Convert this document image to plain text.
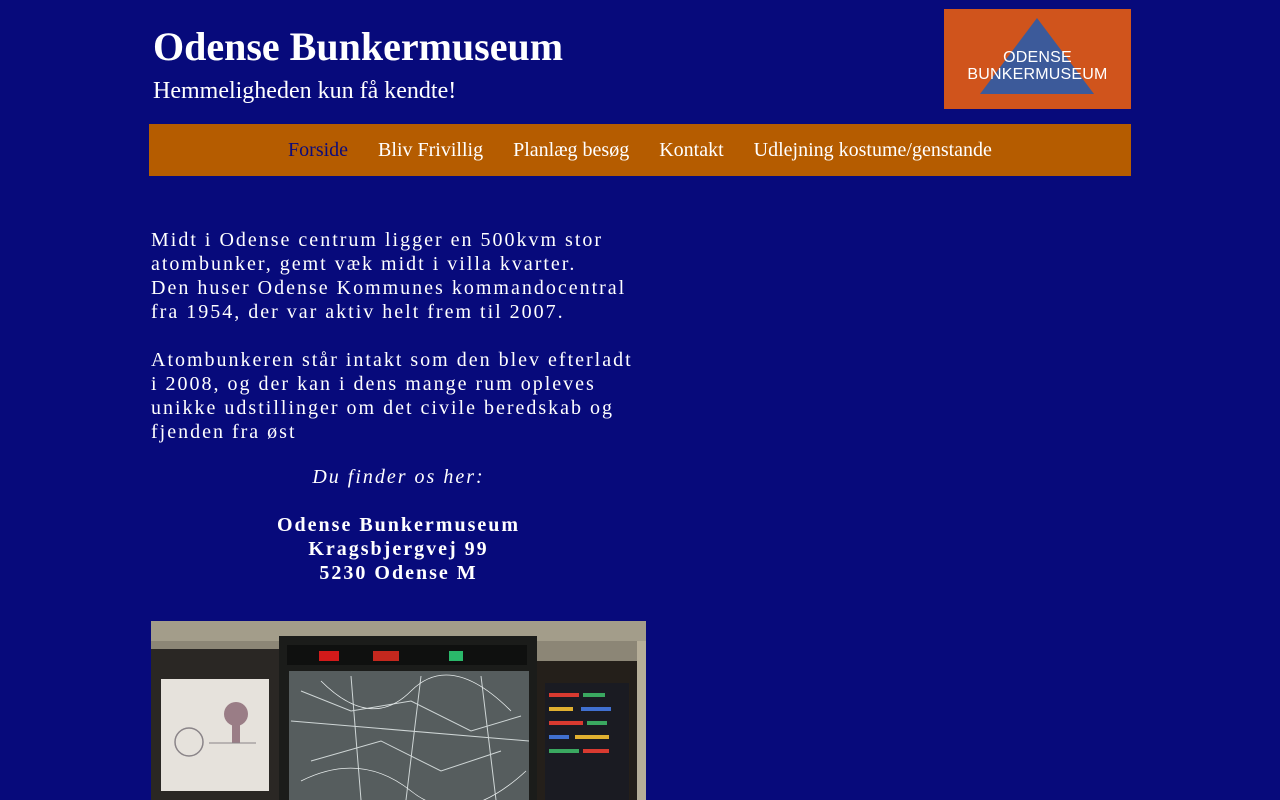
Odense Bunkermuseum
Hemmeligheden kun få kendte!
ODENSE
BUNKERMUSEUM
Forside Bliv Frivillig Planlæg besøg Kontakt Udlejning kostume/genstande

Midt i Odense centrum ligger en 500kvm stor

atombunker, gemt væk midt i villa kvarter.

Den huser Odense Kommunes kommandocentral

fra 1954, der var aktiv helt frem til 2007.

Atombunkeren står intakt som den blev efterladt

i 2008, og der kan i dens mange rum opleves

unikke udstillinger om det civile beredskab og

fjenden fra øst

Du finder os her:

Odense Bunkermuseum

Kragsbjergvej 99

5230 Odense M
